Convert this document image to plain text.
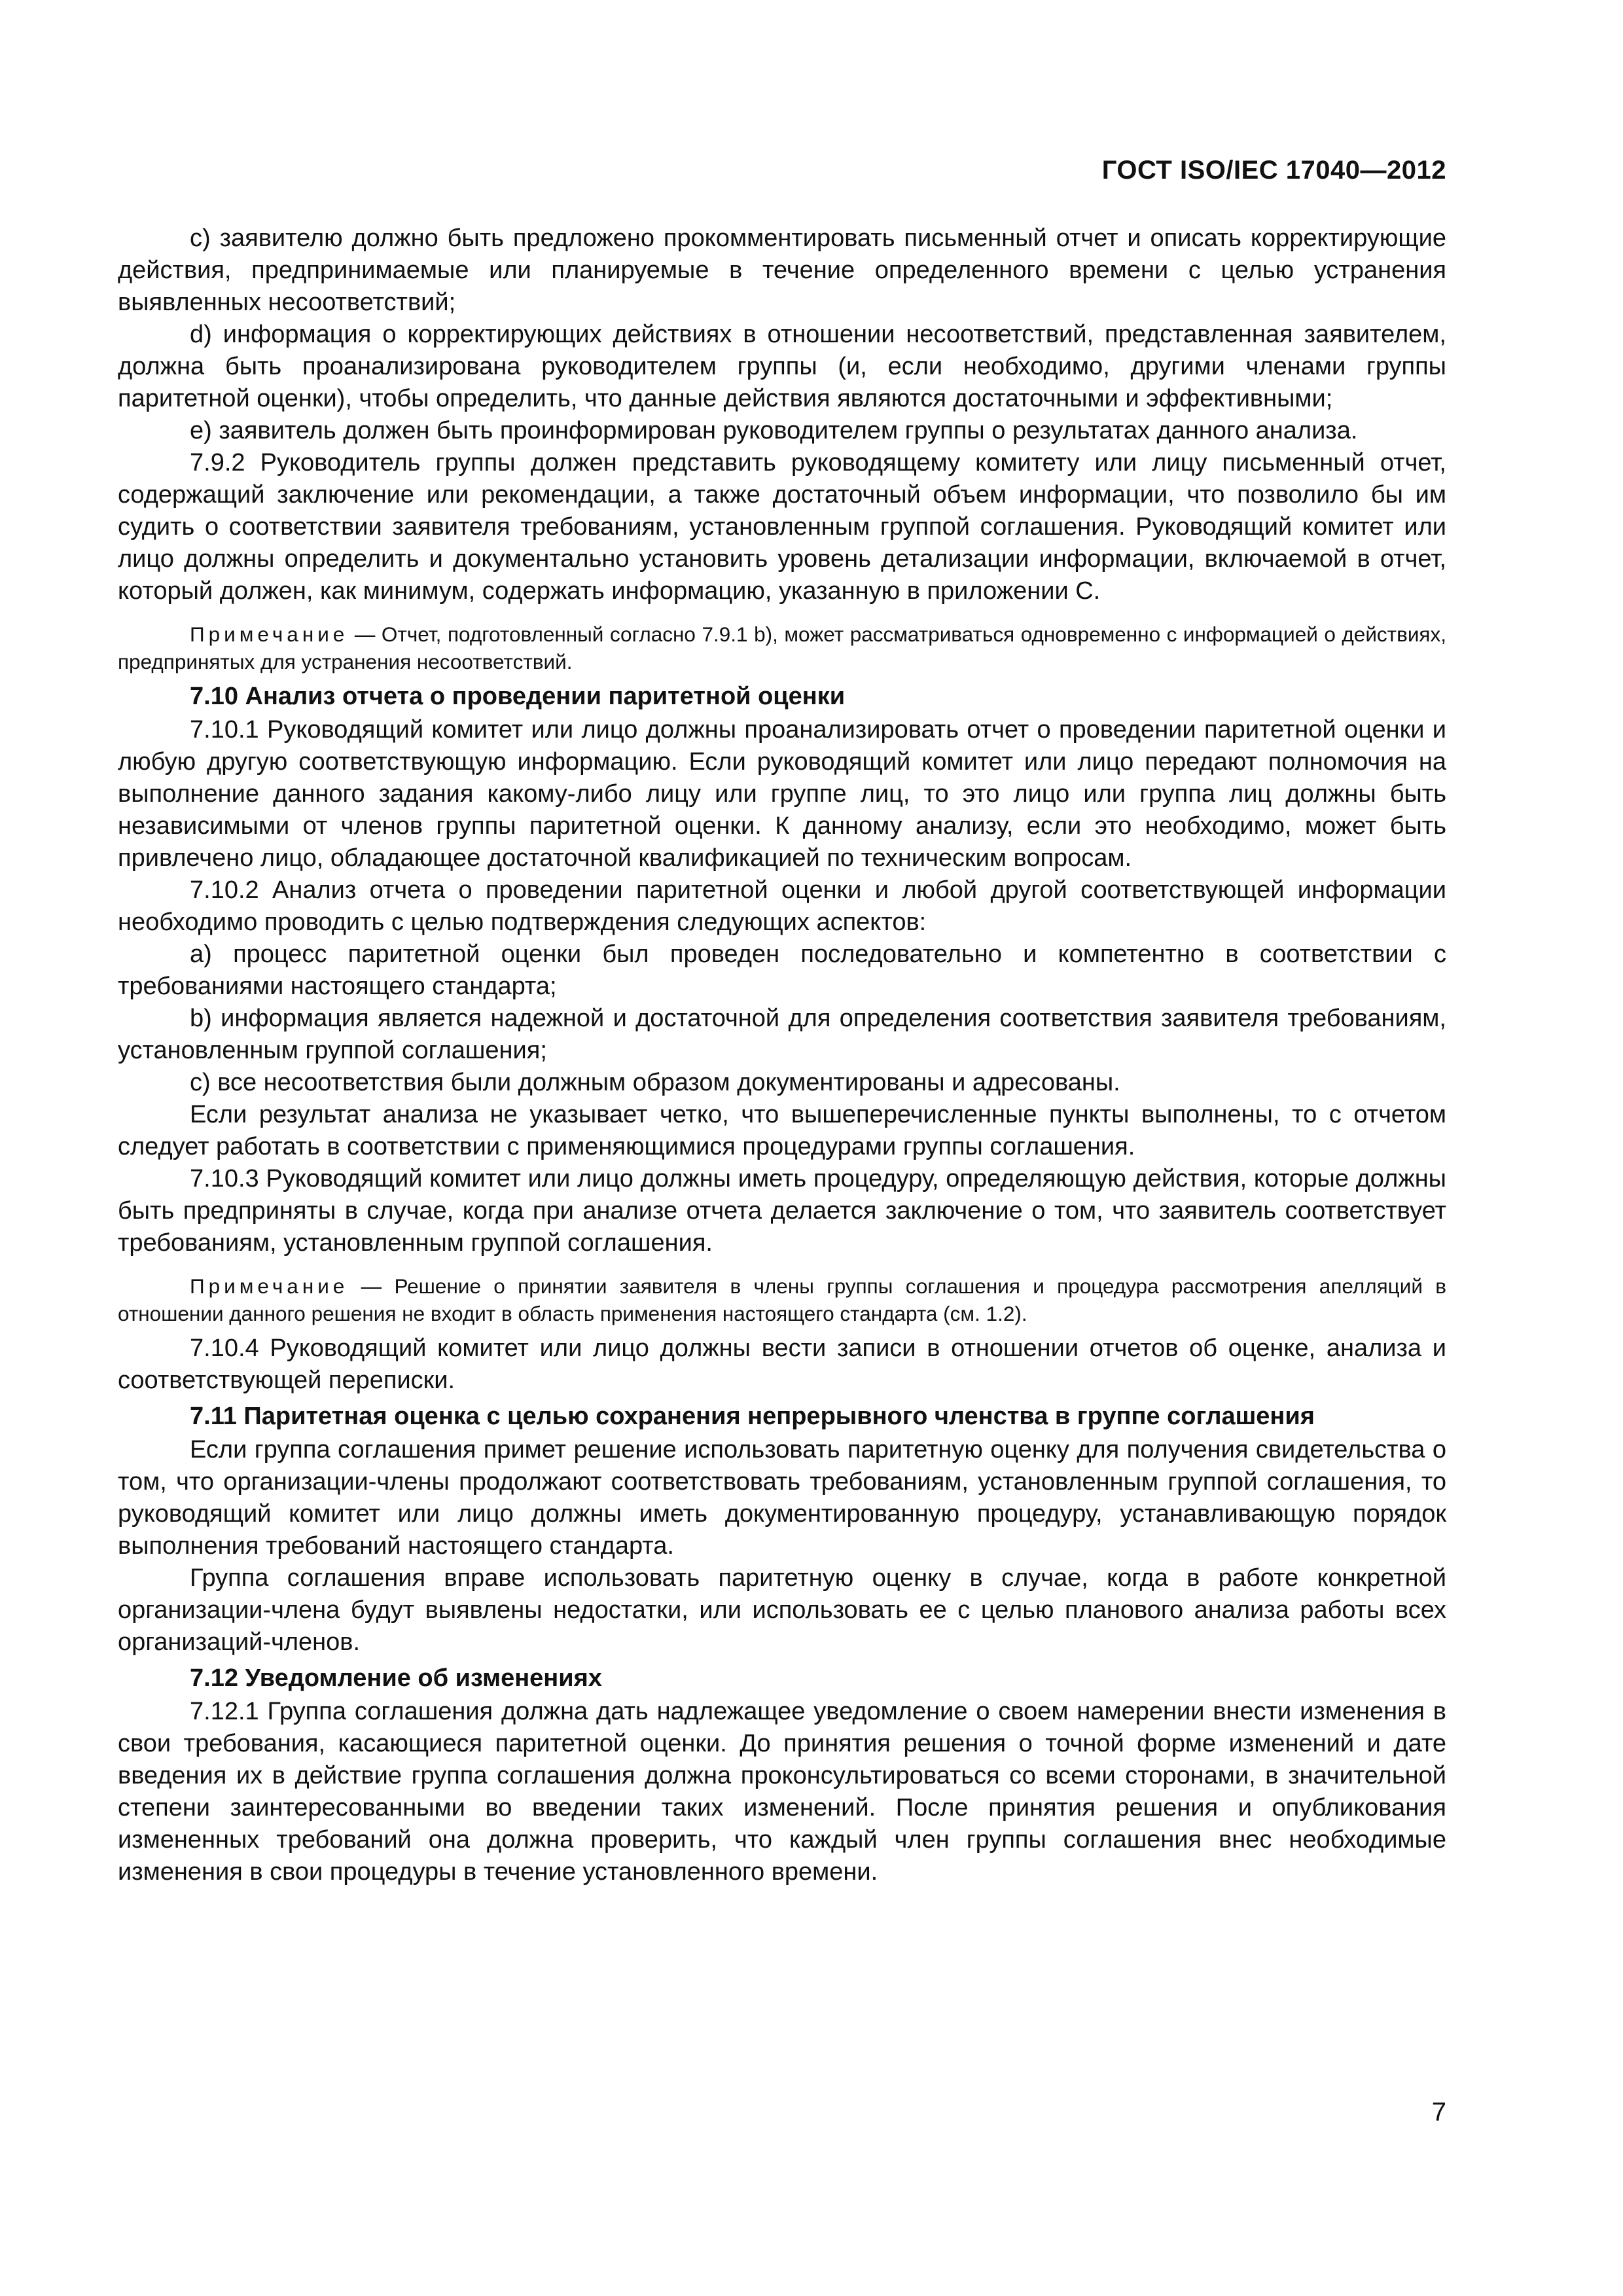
ГОСТ ISO/IEC 17040—2012

с) заявителю должно быть предложено прокомментировать письменный отчет и описать корректирующие действия, предпринимаемые или планируемые в течение определенного времени с целью устранения выявленных несоответствий;

d) информация о корректирующих действиях в отношении несоответствий, представленная заявителем, должна быть проанализирована руководителем группы (и, если необходимо, другими членами группы паритетной оценки), чтобы определить, что данные действия являются достаточными и эффективными;

е) заявитель должен быть проинформирован руководителем группы о результатах данного анализа.

7.9.2 Руководитель группы должен представить руководящему комитету или лицу письменный отчет, содержащий заключение или рекомендации, а также достаточный объем информации, что позволило бы им судить о соответствии заявителя требованиям, установленным группой соглашения. Руководящий комитет или лицо должны определить и документально установить уровень детализации информации, включаемой в отчет, который должен, как минимум, содержать информацию, указанную в приложении С.

Примечание — Отчет, подготовленный согласно 7.9.1 b), может рассматриваться одновременно с информацией о действиях, предпринятых для устранения несоответствий.

7.10 Анализ отчета о проведении паритетной оценки

7.10.1 Руководящий комитет или лицо должны проанализировать отчет о проведении паритетной оценки и любую другую соответствующую информацию. Если руководящий комитет или лицо передают полномочия на выполнение данного задания какому-либо лицу или группе лиц, то это лицо или группа лиц должны быть независимыми от членов группы паритетной оценки. К данному анализу, если это необходимо, может быть привлечено лицо, обладающее достаточной квалификацией по техническим вопросам.

7.10.2 Анализ отчета о проведении паритетной оценки и любой другой соответствующей информации необходимо проводить с целью подтверждения следующих аспектов:

а) процесс паритетной оценки был проведен последовательно и компетентно в соответствии с требованиями настоящего стандарта;

b) информация является надежной и достаточной для определения соответствия заявителя требованиям, установленным группой соглашения;

с) все несоответствия были должным образом документированы и адресованы.

Если результат анализа не указывает четко, что вышеперечисленные пункты выполнены, то с отчетом следует работать в соответствии с применяющимися процедурами группы соглашения.

7.10.3 Руководящий комитет или лицо должны иметь процедуру, определяющую действия, которые должны быть предприняты в случае, когда при анализе отчета делается заключение о том, что заявитель соответствует требованиям, установленным группой соглашения.

Примечание — Решение о принятии заявителя в члены группы соглашения и процедура рассмотрения апелляций в отношении данного решения не входит в область применения настоящего стандарта (см. 1.2).

7.10.4 Руководящий комитет или лицо должны вести записи в отношении отчетов об оценке, анализа и соответствующей переписки.

7.11 Паритетная оценка с целью сохранения непрерывного членства в группе соглашения

Если группа соглашения примет решение использовать паритетную оценку для получения свидетельства о том, что организации-члены продолжают соответствовать требованиям, установленным группой соглашения, то руководящий комитет или лицо должны иметь документированную процедуру, устанавливающую порядок выполнения требований настоящего стандарта.

Группа соглашения вправе использовать паритетную оценку в случае, когда в работе конкретной организации-члена будут выявлены недостатки, или использовать ее с целью планового анализа работы всех организаций-членов.

7.12 Уведомление об изменениях

7.12.1 Группа соглашения должна дать надлежащее уведомление о своем намерении внести изменения в свои требования, касающиеся паритетной оценки. До принятия решения о точной форме изменений и дате введения их в действие группа соглашения должна проконсультироваться со всеми сторонами, в значительной степени заинтересованными во введении таких изменений. После принятия решения и опубликования измененных требований она должна проверить, что каждый член группы соглашения внес необходимые изменения в свои процедуры в течение установленного времени.

7
